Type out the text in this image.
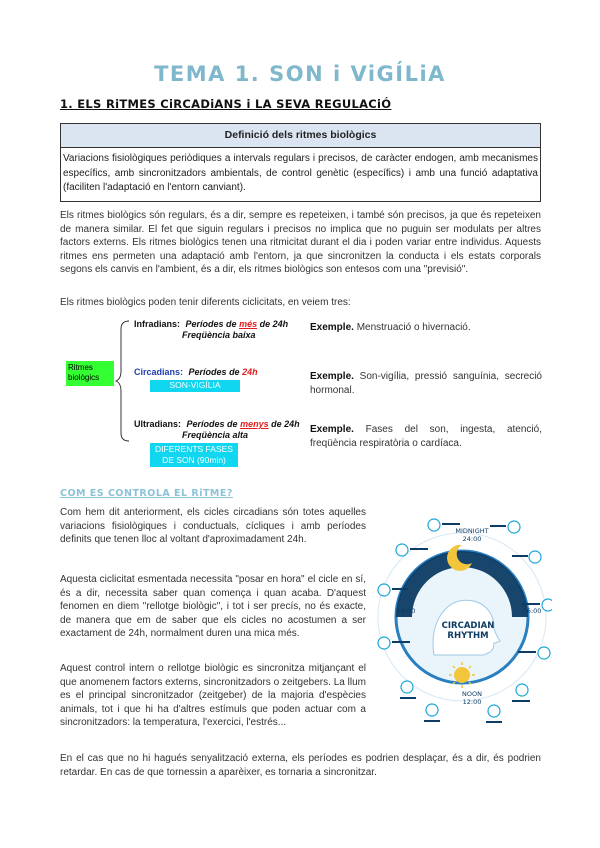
TEMA 1. SON i ViGÍLiA
1. ELS RiTMES CiRCADiANS i LA SEVA REGULACiÓ
Definició dels ritmes biològics
Variacions fisiològiques periòdiques a intervals regulars i precisos, de caràcter endogen, amb mecanismes específics, amb sincronitzadors ambientals, de control genètic (específics) i amb una funció adaptativa (faciliten l'adaptació en l'entorn canviant).
Els ritmes biològics són regulars, és a dir, sempre es repeteixen, i també són precisos, ja que és repeteixen de manera similar. El fet que siguin regulars i precisos no implica que no puguin ser modulats per altres factors externs. Els ritmes biològics tenen una ritmicitat durant el dia i poden variar entre individus. Aquests ritmes ens permeten una adaptació amb l'entorn, ja que sincronitzen la conducta i els estats corporals segons els canvis en l'ambient, és a dir, els ritmes biològics son entesos com una "previsió".
Els ritmes biològics poden tenir diferents ciclicitats, en veiem tres:
Ritmes biològics
Infradians: Períodes de més de 24h
Freqüència baixa
Exemple. Menstruació o hivernació.
Circadians: Períodes de 24h
SON-VIGÍLIA
Exemple. Son-vigília, pressió sanguínia, secreció hormonal.
Ultradians: Períodes de menys de 24h
Freqüència alta
DIFERENTS FASES
DE SON (90min)
Exemple. Fases del son, ingesta, atenció, freqüència respiratòria o cardíaca.
COM ES CONTROLA EL RiTME?
Com hem dit anteriorment, els cicles circadians són totes aquelles variacions fisiològiques i conductuals, cícliques i amb períodes definits que tenen lloc al voltant d'aproximadament 24h.
Aquesta ciclicitat esmentada necessita "posar en hora" el cicle en sí, és a dir, necessita saber quan comença i quan acaba. D'aquest fenomen en diem "rellotge biològic", i tot i ser precís, no és exacte, de manera que em de saber que els cicles no acostumen a ser exactament de 24h, normalment duren una mica més.
Aquest control intern o rellotge biològic es sincronitza mitjançant el que anomenem factors externs, sincronitzadors o zeitgebers. La llum es el principal sincronitzador (zeitgeber) de la majoria d'espècies animals, tot i que hi ha d'altres estímuls que poden actuar com a sincronitzadors: la temperatura, l'exercici, l'estrés...
En el cas que no hi hagués senyalització externa, els períodes es podrien desplaçar, és a dir, és podrien retardar. En cas de que tornessin a aparèixer, es tornaria a sincronitzar.
CIRCADIAN
RHYTHM
MIDNIGHT
24:00
NOON
12:00
18:00	06:00
